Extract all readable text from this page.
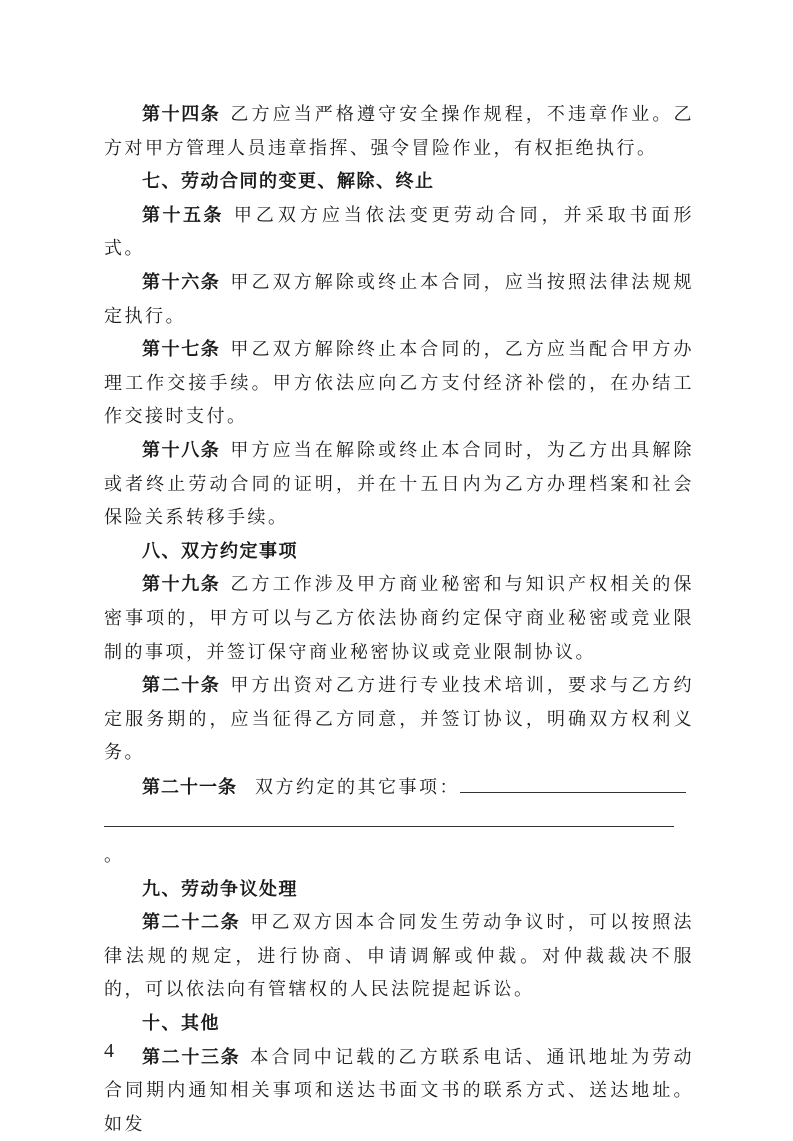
第十四条 乙方应当严格遵守安全操作规程，不违章作业。乙方对甲方管理人员违章指挥、强令冒险作业，有权拒绝执行。

七、劳动合同的变更、解除、终止

第十五条 甲乙双方应当依法变更劳动合同，并采取书面形式。

第十六条 甲乙双方解除或终止本合同，应当按照法律法规规定执行。

第十七条 甲乙双方解除终止本合同的，乙方应当配合甲方办理工作交接手续。甲方依法应向乙方支付经济补偿的，在办结工作交接时支付。

第十八条 甲方应当在解除或终止本合同时，为乙方出具解除或者终止劳动合同的证明，并在十五日内为乙方办理档案和社会保险关系转移手续。

八、双方约定事项

第十九条 乙方工作涉及甲方商业秘密和与知识产权相关的保密事项的，甲方可以与乙方依法协商约定保守商业秘密或竞业限制的事项，并签订保守商业秘密协议或竞业限制协议。

第二十条 甲方出资对乙方进行专业技术培训，要求与乙方约定服务期的，应当征得乙方同意，并签订协议，明确双方权利义务。

第二十一条 双方约定的其它事项：

。

九、劳动争议处理

第二十二条 甲乙双方因本合同发生劳动争议时，可以按照法律法规的规定，进行协商、申请调解或仲裁。对仲裁裁决不服的，可以依法向有管辖权的人民法院提起诉讼。

十、其他

第二十三条 本合同中记载的乙方联系电话、通讯地址为劳动合同期内通知相关事项和送达书面文书的联系方式、送达地址。如发

4
